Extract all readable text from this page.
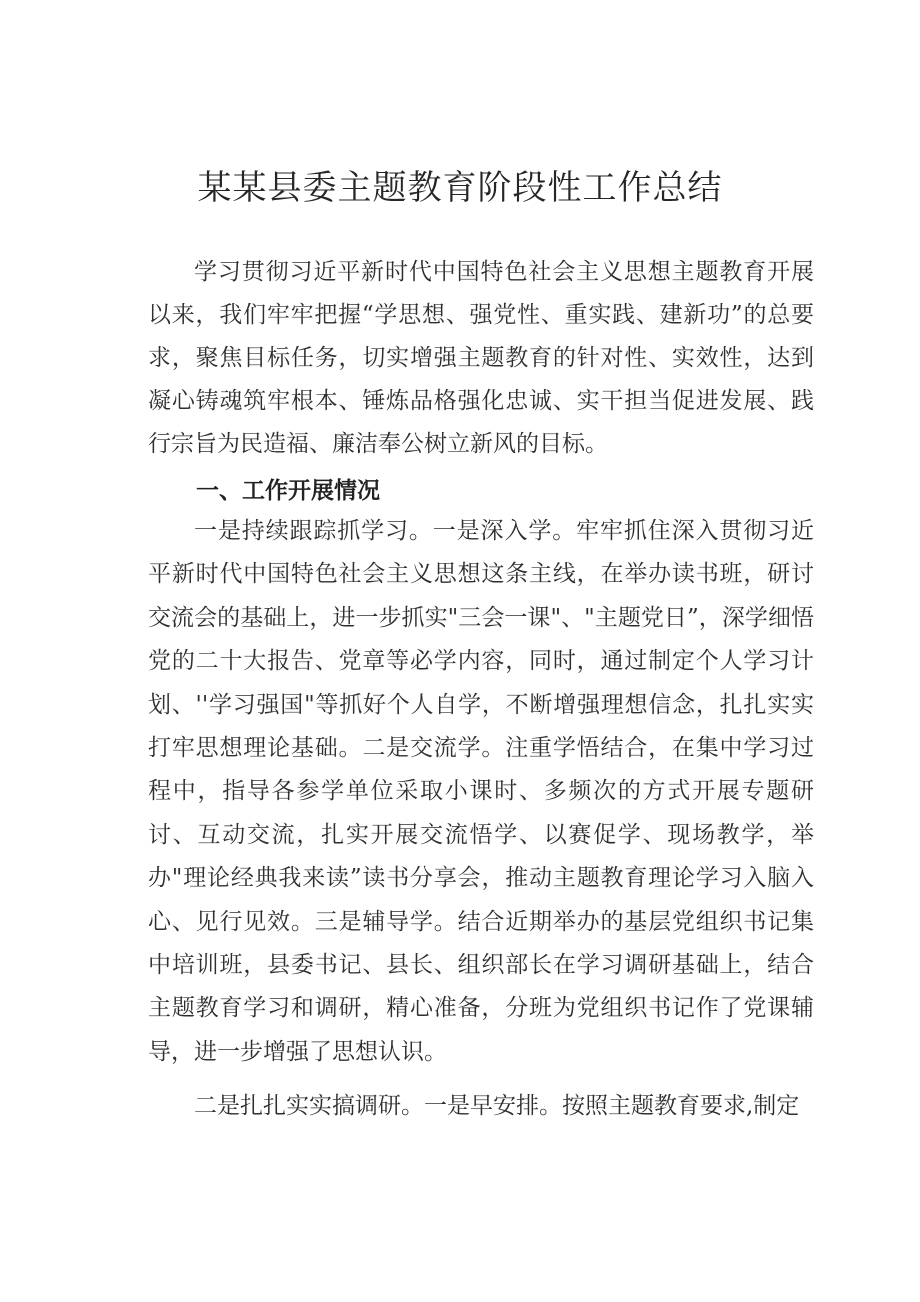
某某县委主题教育阶段性工作总结

学习贯彻习近平新时代中国特色社会主义思想主题教育开展以来，我们牢牢把握“学思想、强党性、重实践、建新功”的总要求，聚焦目标任务，切实增强主题教育的针对性、实效性，达到凝心铸魂筑牢根本、锤炼品格强化忠诚、实干担当促进发展、践行宗旨为民造福、廉洁奉公树立新风的目标。

一、工作开展情况

一是持续跟踪抓学习。一是深入学。牢牢抓住深入贯彻习近平新时代中国特色社会主义思想这条主线，在举办读书班，研讨交流会的基础上，进一步抓实"三会一课"、"主题党日”，深学细悟党的二十大报告、党章等必学内容，同时，通过制定个人学习计划、''学习强国"等抓好个人自学，不断增强理想信念，扎扎实实打牢思想理论基础。二是交流学。注重学悟结合，在集中学习过程中，指导各参学单位采取小课时、多频次的方式开展专题研讨、互动交流，扎实开展交流悟学、以赛促学、现场教学，举办"理论经典我来读”读书分享会，推动主题教育理论学习入脑入心、见行见效。三是辅导学。结合近期举办的基层党组织书记集中培训班，县委书记、县长、组织部长在学习调研基础上，结合主题教育学习和调研，精心准备，分班为党组织书记作了党课辅导，进一步增强了思想认识。

二是扎扎实实搞调研。一是早安排。按照主题教育要求,制定
